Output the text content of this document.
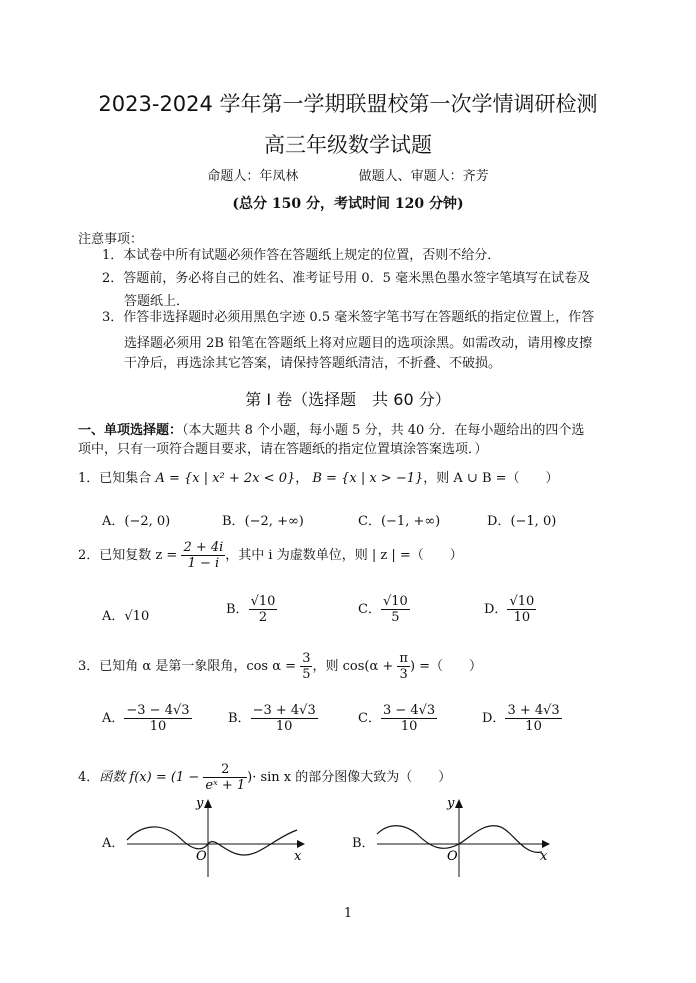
2023-2024 学年第一学期联盟校第一次学情调研检测
高三年级数学试题
命题人：年凤林	做题人、审题人：齐芳
(总分 150 分，考试时间 120 分钟)
注意事项：
1．本试卷中所有试题必须作答在答题纸上规定的位置，否则不给分．
2．答题前，务必将自己的姓名、准考证号用 0．5 毫米黑色墨水签字笔填写在试卷及
答题纸上．
3．作答非选择题时必须用黑色字迹 0.5 毫米签字笔书写在答题纸的指定位置上，作答
选择题必须用 2B 铅笔在答题纸上将对应题目的选项涂黑。如需改动，请用橡皮擦
干净后，再选涂其它答案，请保持答题纸清洁，不折叠、不破损。
第 I 卷（选择题　共 60 分）
一、单项选择题：（本大题共 8 个小题，每小题 5 分，共 40 分．在每小题给出的四个选
项中，只有一项符合题目要求，请在答题纸的指定位置填涂答案选项．）
1．已知集合 A = {x | x² + 2x < 0}， B = {x | x > −1}，则 A ∪ B =（　　）
A．(−2, 0)	B．(−2, +∞)	C．(−1, +∞)	D．(−1, 0)
2．已知复数 $z = \frac{2 + 4i}{1 - i}$ ，其中 i 为虚数单位，则 | z | =（　　）
A．√10	B． $\frac{√10}{2}$	C． $\frac{√10}{5}$	D． $\frac{√10}{10}$
3．已知角 α 是第一象限角，$\cos \alpha = \frac{3}{5}$ ，则 $\cos(\alpha + \frac{\pi}{3}$ ) =（　　）
A． $\frac{-3 - 4√3}{10}$	B． $\frac{-3 + 4√3}{10}$	C． $\frac{3 - 4√3}{10}$	D． $\frac{3 + 4√3}{10}$
4．函数 $f(x) = (1 - \frac{2}{\text{eˣ + 1}}$ )· sin x 的部分图像大致为（　　）
A．
O	x
y
B．
O	x
y
1
